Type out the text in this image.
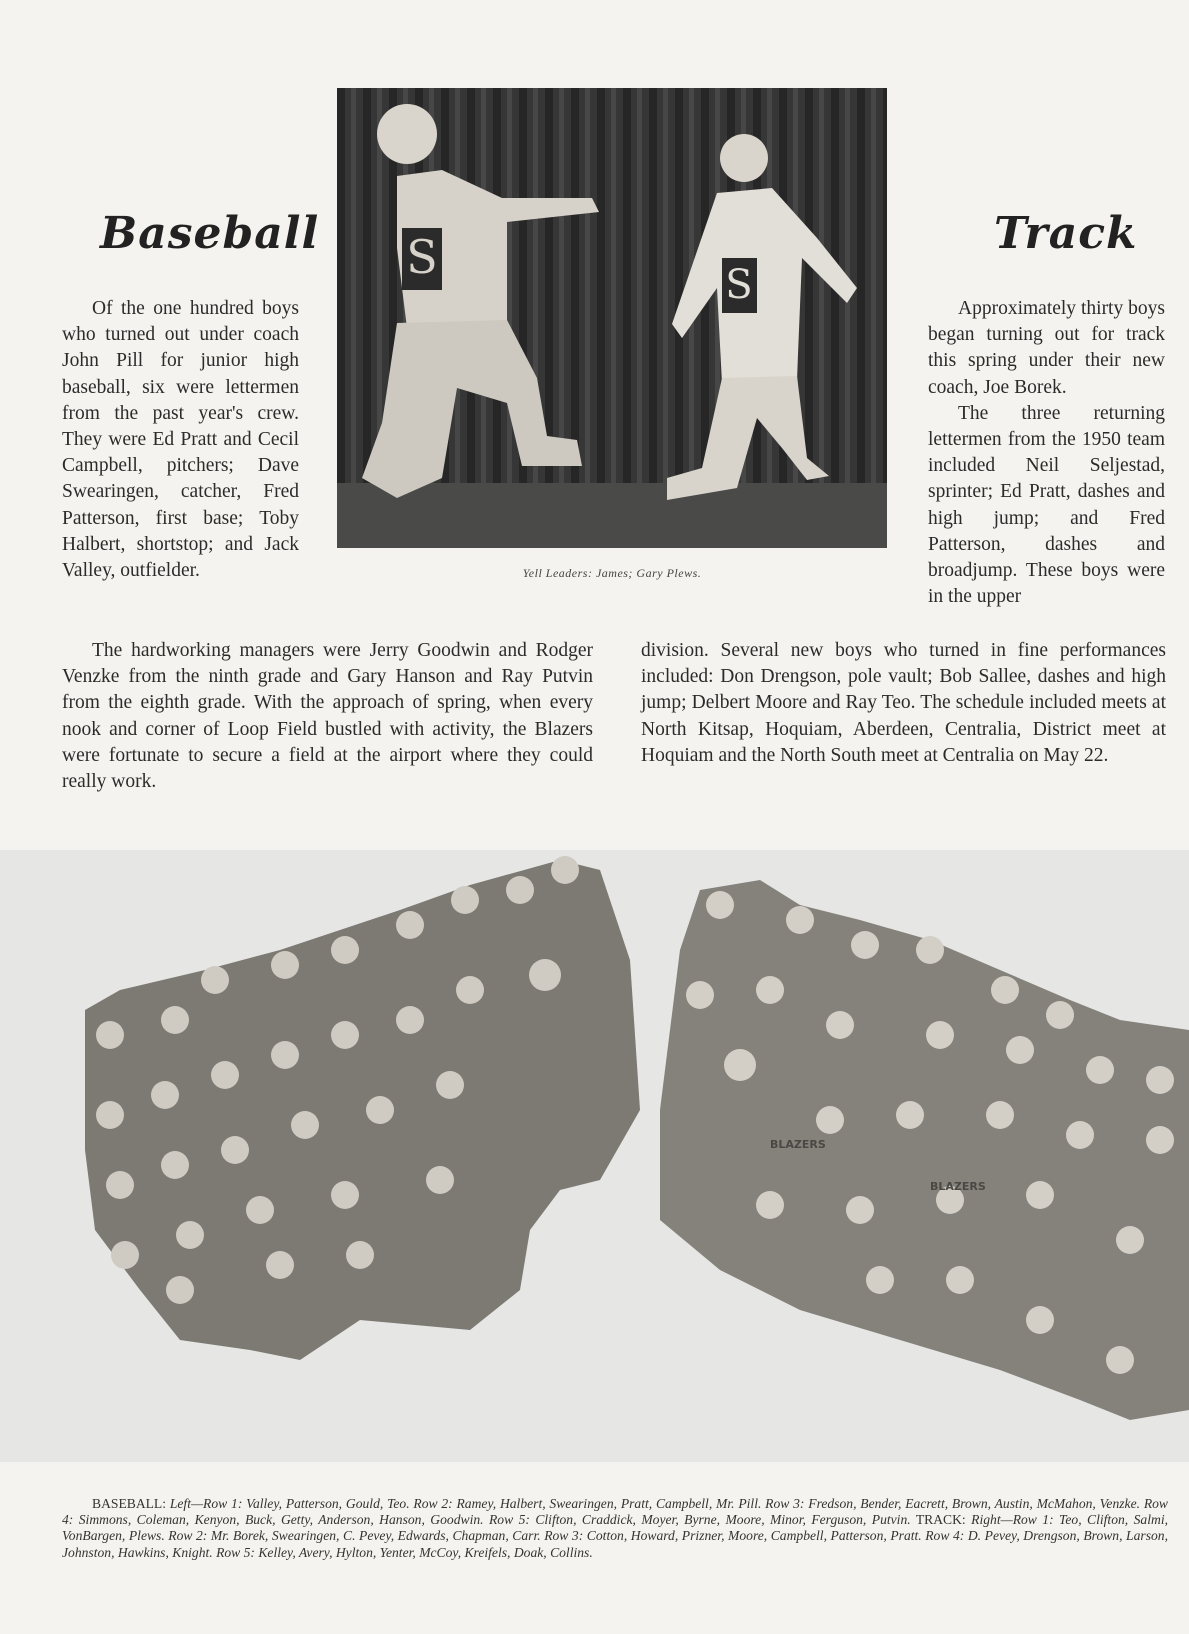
Baseball	Track

Of the one hundred boys who turned out under coach John Pill for junior high baseball, six were lettermen from the past year's crew. They were Ed Pratt and Cecil Campbell, pitchers; Dave Swearingen, catcher, Fred Patterson, first base; Toby Halbert, shortstop; and Jack Valley, outfielder.

Approximately thirty boys began turning out for track this spring under their new coach, Joe Borek.

The three returning lettermen from the 1950 team included Neil Seljestad, sprinter; Ed Pratt, dashes and high jump; and Fred Patterson, dashes and broadjump. These boys were in the upper

The hardworking managers were Jerry Goodwin and Rodger Venzke from the ninth grade and Gary Hanson and Ray Putvin from the eighth grade. With the approach of spring, when every nook and corner of Loop Field bustled with activity, the Blazers were fortunate to secure a field at the airport where they could really work.

division. Several new boys who turned in fine performances included: Don Drengson, pole vault; Bob Sallee, dashes and high jump; Delbert Moore and Ray Teo. The schedule included meets at North Kitsap, Hoquiam, Aberdeen, Centralia, District meet at Hoquiam and the North South meet at Centralia on May 22.

S
S
Yell Leaders: James; Gary Plews.
BLAZERS
BLAZERS

BASEBALL: Left—Row 1: Valley, Patterson, Gould, Teo. Row 2: Ramey, Halbert, Swearingen, Pratt, Campbell, Mr. Pill. Row 3: Fredson, Bender, Eacrett, Brown, Austin, McMahon, Venzke. Row 4: Simmons, Coleman, Kenyon, Buck, Getty, Anderson, Hanson, Goodwin. Row 5: Clifton, Craddick, Moyer, Byrne, Moore, Minor, Ferguson, Putvin. TRACK: Right—Row 1: Teo, Clifton, Salmi, VonBargen, Plews. Row 2: Mr. Borek, Swearingen, C. Pevey, Edwards, Chapman, Carr. Row 3: Cotton, Howard, Prizner, Moore, Campbell, Patterson, Pratt. Row 4: D. Pevey, Drengson, Brown, Larson, Johnston, Hawkins, Knight. Row 5: Kelley, Avery, Hylton, Yenter, McCoy, Kreifels, Doak, Collins.
